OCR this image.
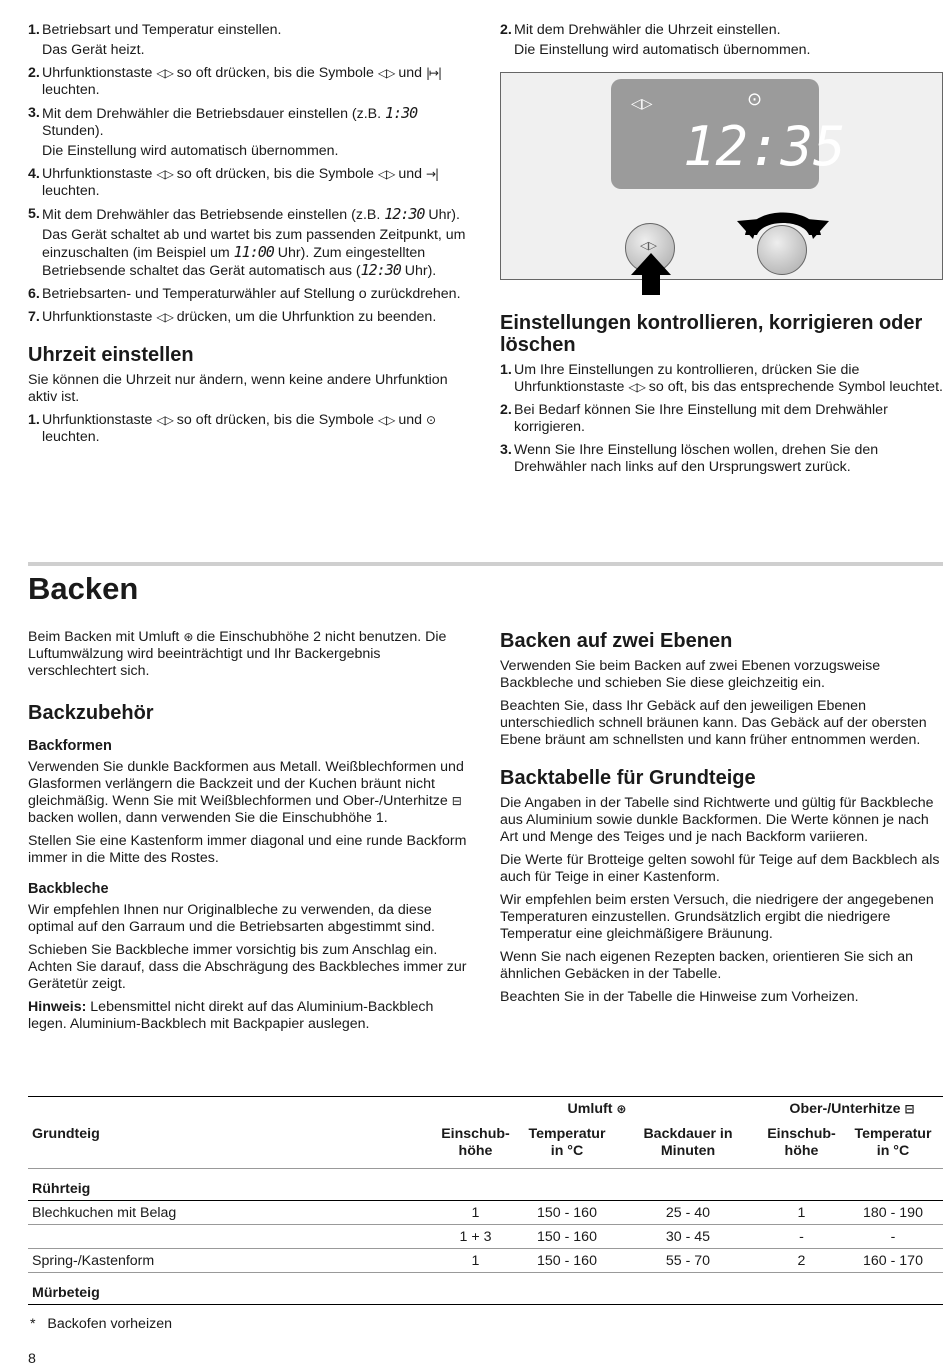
1. Betriebsart und Temperatur einstellen.

Das Gerät heizt.

2. Uhrfunktionstaste ◁▷ so oft drücken, bis die Symbole ◁▷ und |↦| leuchten.

3. Mit dem Drehwähler die Betriebsdauer einstellen (z.B. 1:30 Stunden).

Die Einstellung wird automatisch übernommen.

4. Uhrfunktionstaste ◁▷ so oft drücken, bis die Symbole ◁▷ und →| leuchten.

5. Mit dem Drehwähler das Betriebsende einstellen (z.B. 12:30 Uhr).

Das Gerät schaltet ab und wartet bis zum passenden Zeitpunkt, um einzuschalten (im Beispiel um 11:00 Uhr). Zum eingestellten Betriebsende schaltet das Gerät automatisch aus (12:30 Uhr).

6. Betriebsarten- und Temperaturwähler auf Stellung o zurückdrehen.

7. Uhrfunktionstaste ◁▷ drücken, um die Uhrfunktion zu beenden.

Uhrzeit einstellen

Sie können die Uhrzeit nur ändern, wenn keine andere Uhrfunktion aktiv ist.

1. Uhrfunktionstaste ◁▷ so oft drücken, bis die Symbole ◁▷ und ⊙ leuchten.

2. Mit dem Drehwähler die Uhrzeit einstellen.

Die Einstellung wird automatisch übernommen.

◁▷	⊙
12:35
◁▷
Einstellungen kontrollieren, korrigieren oder löschen
1. Um Ihre Einstellungen zu kontrollieren, drücken Sie die Uhrfunktionstaste ◁▷ so oft, bis das entsprechende Symbol leuchtet.

2. Bei Bedarf können Sie Ihre Einstellung mit dem Drehwähler korrigieren.

3. Wenn Sie Ihre Einstellung löschen wollen, drehen Sie den Drehwähler nach links auf den Ursprungswert zurück.

Backen

Beim Backen mit Umluft ⊛ die Einschubhöhe 2 nicht benutzen. Die Luftumwälzung wird beeinträchtigt und Ihr Backergebnis verschlechtert sich.

Backzubehör
Backformen

Verwenden Sie dunkle Backformen aus Metall. Weißblechformen und Glasformen verlängern die Backzeit und der Kuchen bräunt nicht gleichmäßig. Wenn Sie mit Weißblechformen und Ober-/Unterhitze ⊟ backen wollen, dann verwenden Sie die Einschubhöhe 1.

Stellen Sie eine Kastenform immer diagonal und eine runde Backform immer in die Mitte des Rostes.

Backbleche

Wir empfehlen Ihnen nur Originalbleche zu verwenden, da diese optimal auf den Garraum und die Betriebsarten abgestimmt sind.

Schieben Sie Backbleche immer vorsichtig bis zum Anschlag ein. Achten Sie darauf, dass die Abschrägung des Backbleches immer zur Gerätetür zeigt.

Hinweis: Lebensmittel nicht direkt auf das Aluminium-Backblech legen. Aluminium-Backblech mit Backpapier auslegen.

Backen auf zwei Ebenen

Verwenden Sie beim Backen auf zwei Ebenen vorzugsweise Backbleche und schieben Sie diese gleichzeitig ein.

Beachten Sie, dass Ihr Gebäck auf den jeweiligen Ebenen unterschiedlich schnell bräunen kann. Das Gebäck auf der obersten Ebene bräunt am schnellsten und kann früher entnommen werden.

Backtabelle für Grundteige

Die Angaben in der Tabelle sind Richtwerte und gültig für Backbleche aus Aluminium sowie dunkle Backformen. Die Werte können je nach Art und Menge des Teiges und je nach Backform variieren.

Die Werte für Brotteige gelten sowohl für Teige auf dem Backblech als auch für Teige in einer Kastenform.

Wir empfehlen beim ersten Versuch, die niedrigere der angegebenen Temperaturen einzustellen. Grundsätzlich ergibt die niedrigere Temperatur eine gleichmäßigere Bräunung.

Wenn Sie nach eigenen Rezepten backen, orientieren Sie sich an ähnlichen Gebäcken in der Tabelle.

Beachten Sie in der Tabelle die Hinweise zum Vorheizen.

	Umluft ⊛			Ober-/Unterhitze ⊟	
Grundteig	Einschub-höhe	Temperatur in °C	Backdauer in Minuten	Einschub-höhe	Temperatur in °C
Rührteig					
Blechkuchen mit Belag	1	150 - 160	25 - 40	1	180 - 190
	1 + 3	150 - 160	30 - 45	-	-
Spring-/Kastenform	1	150 - 160	55 - 70	2	160 - 170
Mürbeteig					
* Backofen vorheizen
8
